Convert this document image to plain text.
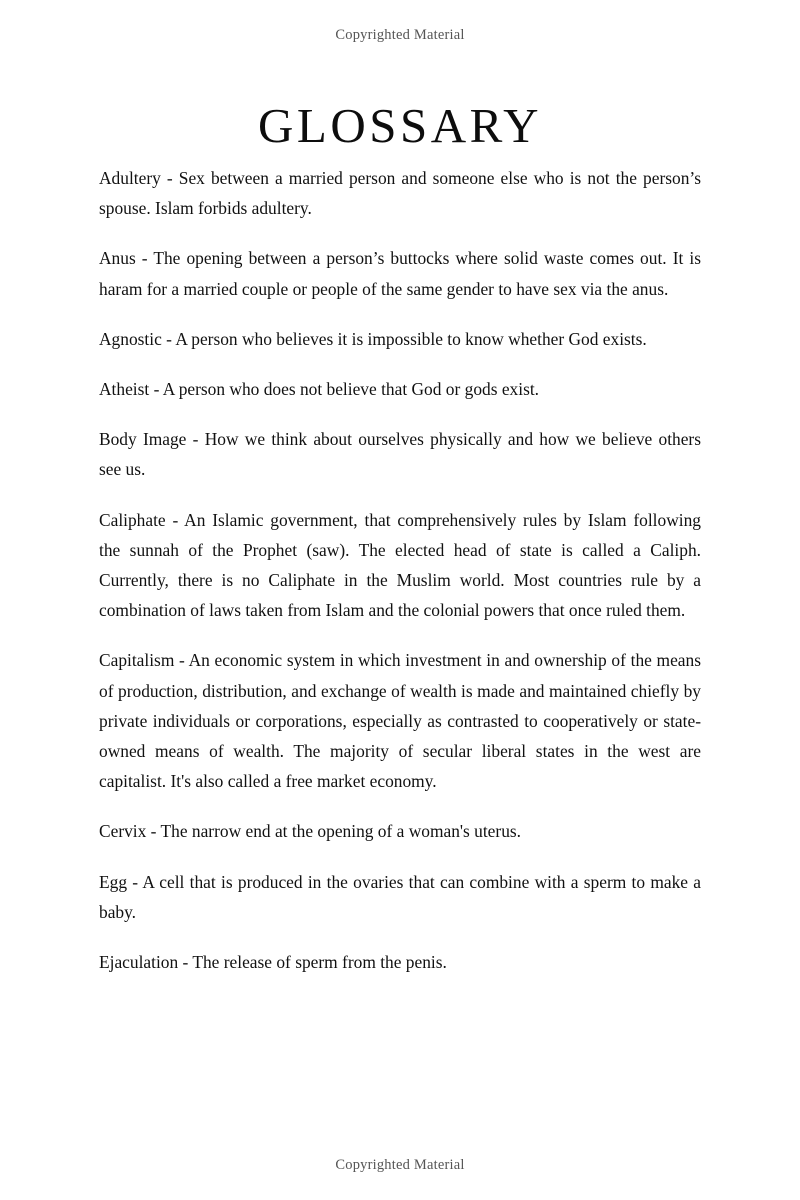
Copyrighted Material
GLOSSARY

Adultery - Sex between a married person and someone else who is not the person’s spouse. Islam forbids adultery.

Anus - The opening between a person’s buttocks where solid waste comes out. It is haram for a married couple or people of the same gender to have sex via the anus.

Agnostic - A person who believes it is impossible to know whether God exists.

Atheist - A person who does not believe that God or gods exist.

Body Image - How we think about ourselves physically and how we believe others see us.

Caliphate - An Islamic government, that comprehensively rules by Islam following the sunnah of the Prophet (saw). The elected head of state is called a Caliph. Currently, there is no Caliphate in the Muslim world. Most countries rule by a combination of laws taken from Islam and the colonial powers that once ruled them.

Capitalism - An economic system in which investment in and ownership of the means of production, distribution, and exchange of wealth is made and maintained chiefly by private individuals or corporations, especially as contrasted to cooperatively or state-owned means of wealth. The majority of secular liberal states in the west are capitalist. It's also called a free market economy.

Cervix - The narrow end at the opening of a woman's uterus.

Egg - A cell that is produced in the ovaries that can combine with a sperm to make a baby.

Ejaculation - The release of sperm from the penis.

Copyrighted Material
